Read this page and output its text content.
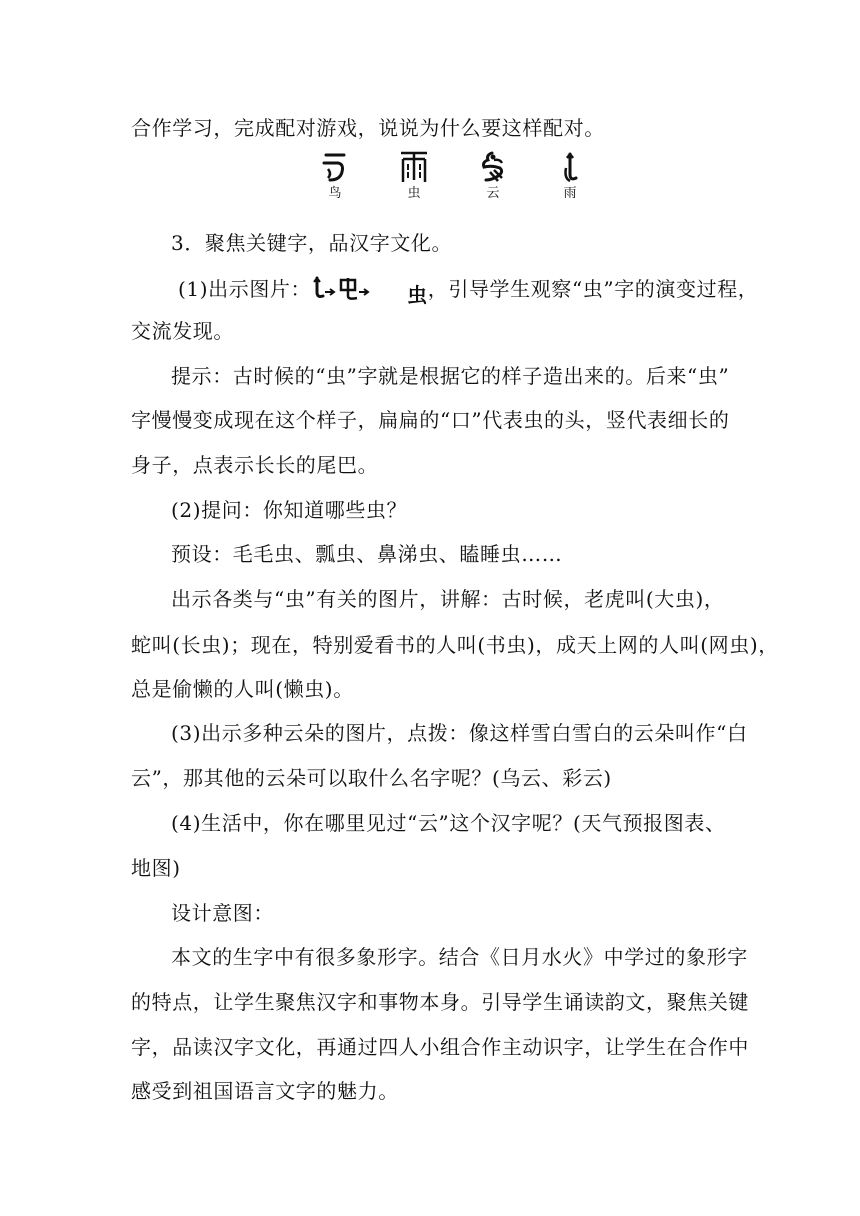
合作学习，完成配对游戏，说说为什么要这样配对。
鸟	虫	云	雨
3．聚焦关键字，品汉字文化。
(1)出示图片：	虫，引导学生观察“虫”字的演变过程，
交流发现。
提示：古时候的“虫”字就是根据它的样子造出来的。后来“虫”
字慢慢变成现在这个样子，扁扁的“口”代表虫的头，竖代表细长的
身子，点表示长长的尾巴。
(2)提问：你知道哪些虫？
预设：毛毛虫、瓢虫、鼻涕虫、瞌睡虫……
出示各类与“虫”有关的图片，讲解：古时候，老虎叫(大虫)，
蛇叫(长虫)；现在，特别爱看书的人叫(书虫)，成天上网的人叫(网虫)，
总是偷懒的人叫(懒虫)。
(3)出示多种云朵的图片，点拨：像这样雪白雪白的云朵叫作“白
云”，那其他的云朵可以取什么名字呢？(乌云、彩云)
(4)生活中，你在哪里见过“云”这个汉字呢？(天气预报图表、
地图)
设计意图：
本文的生字中有很多象形字。结合《日月水火》中学过的象形字
的特点，让学生聚焦汉字和事物本身。引导学生诵读韵文，聚焦关键
字，品读汉字文化，再通过四人小组合作主动识字，让学生在合作中
感受到祖国语言文字的魅力。
